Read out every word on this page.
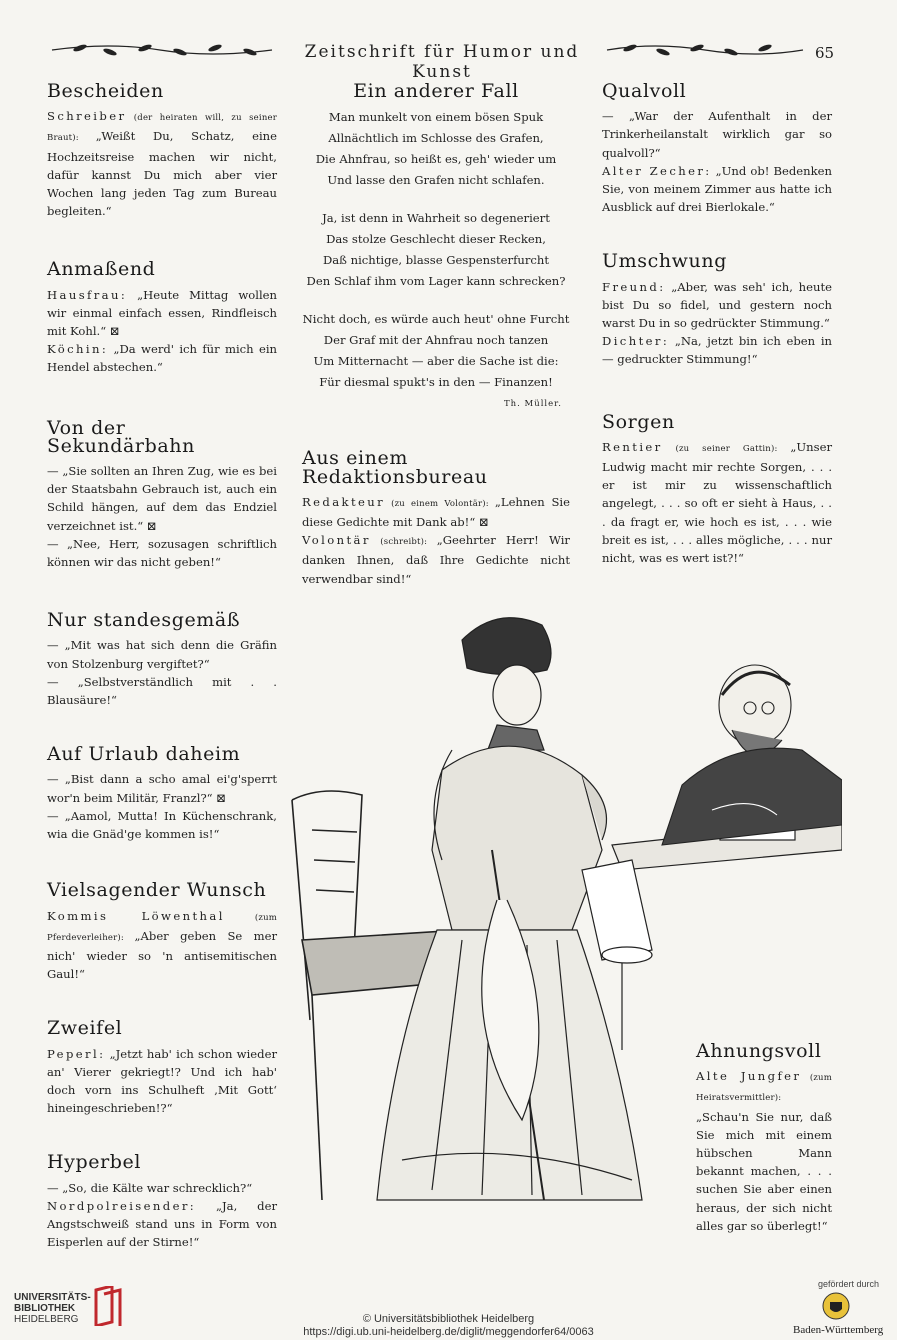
Zeitschrift für Humor und Kunst
65
Bescheiden

Schreiber (der heiraten will, zu seiner Braut): „Weißt Du, Schatz, eine Hochzeitsreise machen wir nicht, dafür kannst Du mich aber vier Wochen lang jeden Tag zum Bureau begleiten.“

Anmaßend

Hausfrau: „Heute Mittag wollen wir einmal einfach essen, Rindfleisch mit Kohl.“ ⊠

Köchin: „Da werd' ich für mich ein Hendel abstechen.“

Von der Sekundärbahn

— „Sie sollten an Ihren Zug, wie es bei der Staatsbahn Gebrauch ist, auch ein Schild hängen, auf dem das Endziel verzeichnet ist.“ ⊠

— „Nee, Herr, sozusagen schriftlich können wir das nicht geben!“

Nur standesgemäß

— „Mit was hat sich denn die Gräfin von Stolzenburg vergiftet?“

— „Selbstverständlich mit . . Blausäure!“

Auf Urlaub daheim

— „Bist dann a scho amal ei'g'sperrt wor'n beim Militär, Franzl?“ ⊠

— „Aamol, Mutta! In Küchenschrank, wia die Gnäd'ge kommen is!“

Vielsagender Wunsch

Kommis Löwenthal (zum Pferdeverleiher): „Aber geben Se mer nich' wieder so 'n antisemitischen Gaul!“

Zweifel

Peperl: „Jetzt hab' ich schon wieder an' Vierer gekriegt!? Und ich hab' doch vorn ins Schulheft ‚Mit Gott‘ hineingeschrieben!?“

Hyperbel

— „So, die Kälte war schrecklich?“

Nordpolreisender: „Ja, der Angstschweiß stand uns in Form von Eisperlen auf der Stirne!“

Ein anderer Fall

Man munkelt von einem bösen Spuk

Allnächtlich im Schlosse des Grafen,

Die Ahnfrau, so heißt es, geh' wieder um

Und lasse den Grafen nicht schlafen.

Ja, ist denn in Wahrheit so degeneriert

Das stolze Geschlecht dieser Recken,

Daß nichtige, blasse Gespensterfurcht

Den Schlaf ihm vom Lager kann schrecken?

Nicht doch, es würde auch heut' ohne Furcht

Der Graf mit der Ahnfrau noch tanzen

Um Mitternacht — aber die Sache ist die:

Für diesmal spukt's in den — Finanzen!

Th. Müller.
Aus einem Redaktionsbureau

Redakteur (zu einem Volontär): „Lehnen Sie diese Gedichte mit Dank ab!“ ⊠

Volontär (schreibt): „Geehrter Herr! Wir danken Ihnen, daß Ihre Gedichte nicht verwendbar sind!“

Qualvoll

— „War der Aufenthalt in der Trinkerheilanstalt wirklich gar so qualvoll?“

Alter Zecher: „Und ob! Bedenken Sie, von meinem Zimmer aus hatte ich Ausblick auf drei Bierlokale.“

Umschwung

Freund: „Aber, was seh' ich, heute bist Du so fidel, und gestern noch warst Du in so gedrückter Stimmung.“

Dichter: „Na, jetzt bin ich eben in — gedruckter Stimmung!“

Sorgen

Rentier (zu seiner Gattin): „Unser Ludwig macht mir rechte Sorgen, . . . er ist mir zu wissenschaftlich angelegt, . . . so oft er sieht à Haus, . . . da fragt er, wie hoch es ist, . . . wie breit es ist, . . . alles mögliche, . . . nur nicht, was es wert ist?!“

Ahnungsvoll

Alte Jungfer (zum Heiratsvermittler): „Schau'n Sie nur, daß Sie mich mit einem hübschen Mann bekannt machen, . . . suchen Sie aber einen heraus, der sich nicht alles gar so überlegt!“

UNIVERSITÄTS-
BIBLIOTHEK
HEIDELBERG	© Universitätsbibliothek Heidelberg
https://digi.ub.uni-heidelberg.de/diglit/meggendorfer64/0063
gefördert durch
Baden-Württemberg
